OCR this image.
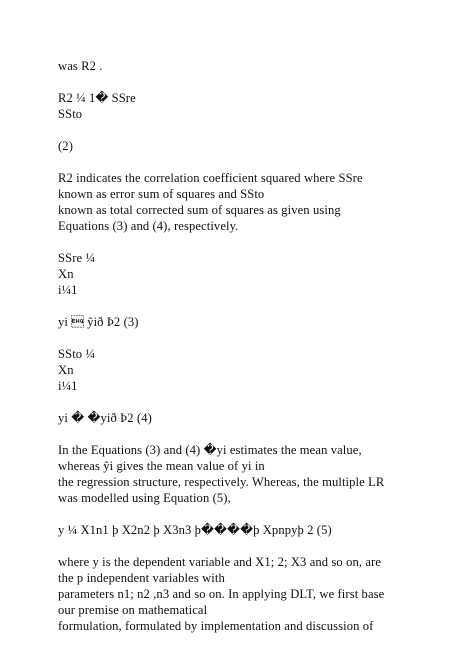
was R2 .
R2 ¼ 1� SSre
SSto
(2)
R2 indicates the correlation coefficient squared where SSre
known as error sum of squares and SSto
known as total corrected sum of squares as given using
Equations (3) and (4), respectively.
SSre ¼
Xn
i¼1
yi  ŷið Þ2 (3)
SSto ¼
Xn
i¼1
yi � �yið Þ2 (4)
In the Equations (3) and (4) �yi estimates the mean value,
whereas ŷi gives the mean value of yi in
the regression structure, respectively. Whereas, the multiple LR
was modelled using Equation (5),
y ¼ X1n1 þ X2n2 þ X3n3 þ����þ Xpnpyþ 2 (5)
where y is the dependent variable and X1; 2; X3 and so on, are
the p independent variables with
parameters n1; n2 ,n3 and so on. In applying DLT, we first base
our premise on mathematical
formulation, formulated by implementation and discussion of
